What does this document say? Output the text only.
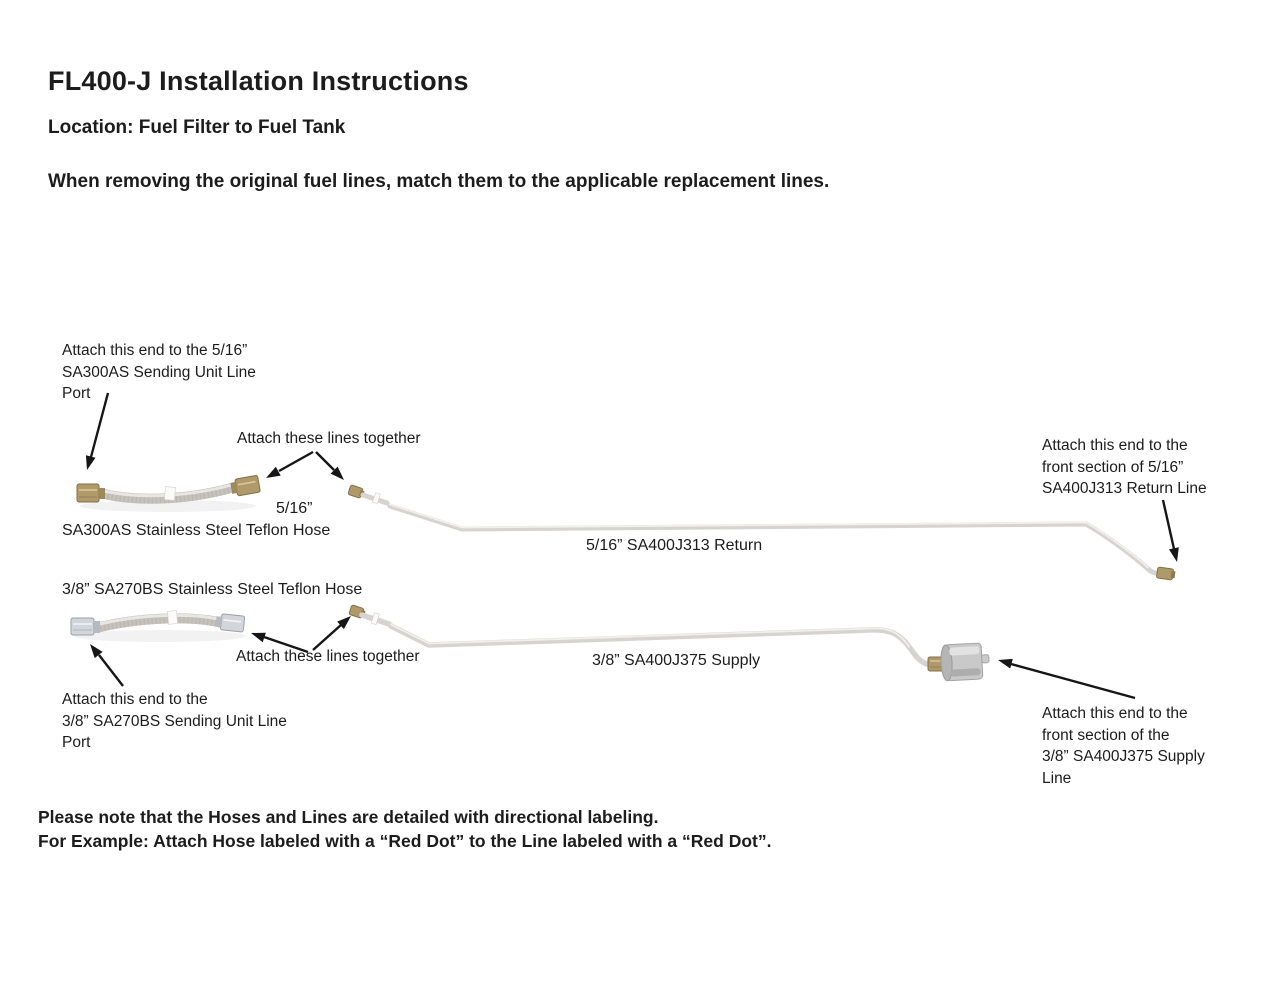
FL400-J Installation Instructions
Location: Fuel Filter to Fuel Tank
When removing the original fuel lines, match them to the applicable replacement lines.
Attach this end to the 5/16”
SA300AS Sending Unit Line
Port
Attach these lines together
5/16”
SA300AS Stainless Steel Teflon Hose
3/8” SA270BS Stainless Steel Teflon Hose
Attach these lines together
Attach this end to the
3/8” SA270BS Sending Unit Line
Port
5/16” SA400J313 Return
3/8” SA400J375 Supply
Attach this end to the
front section of 5/16”
SA400J313 Return Line
Attach this end to the
front section of the
3/8” SA400J375 Supply
Line
Please note that the Hoses and Lines are detailed with directional labeling.
For Example: Attach Hose labeled with a “Red Dot” to the Line labeled with a “Red Dot”.
